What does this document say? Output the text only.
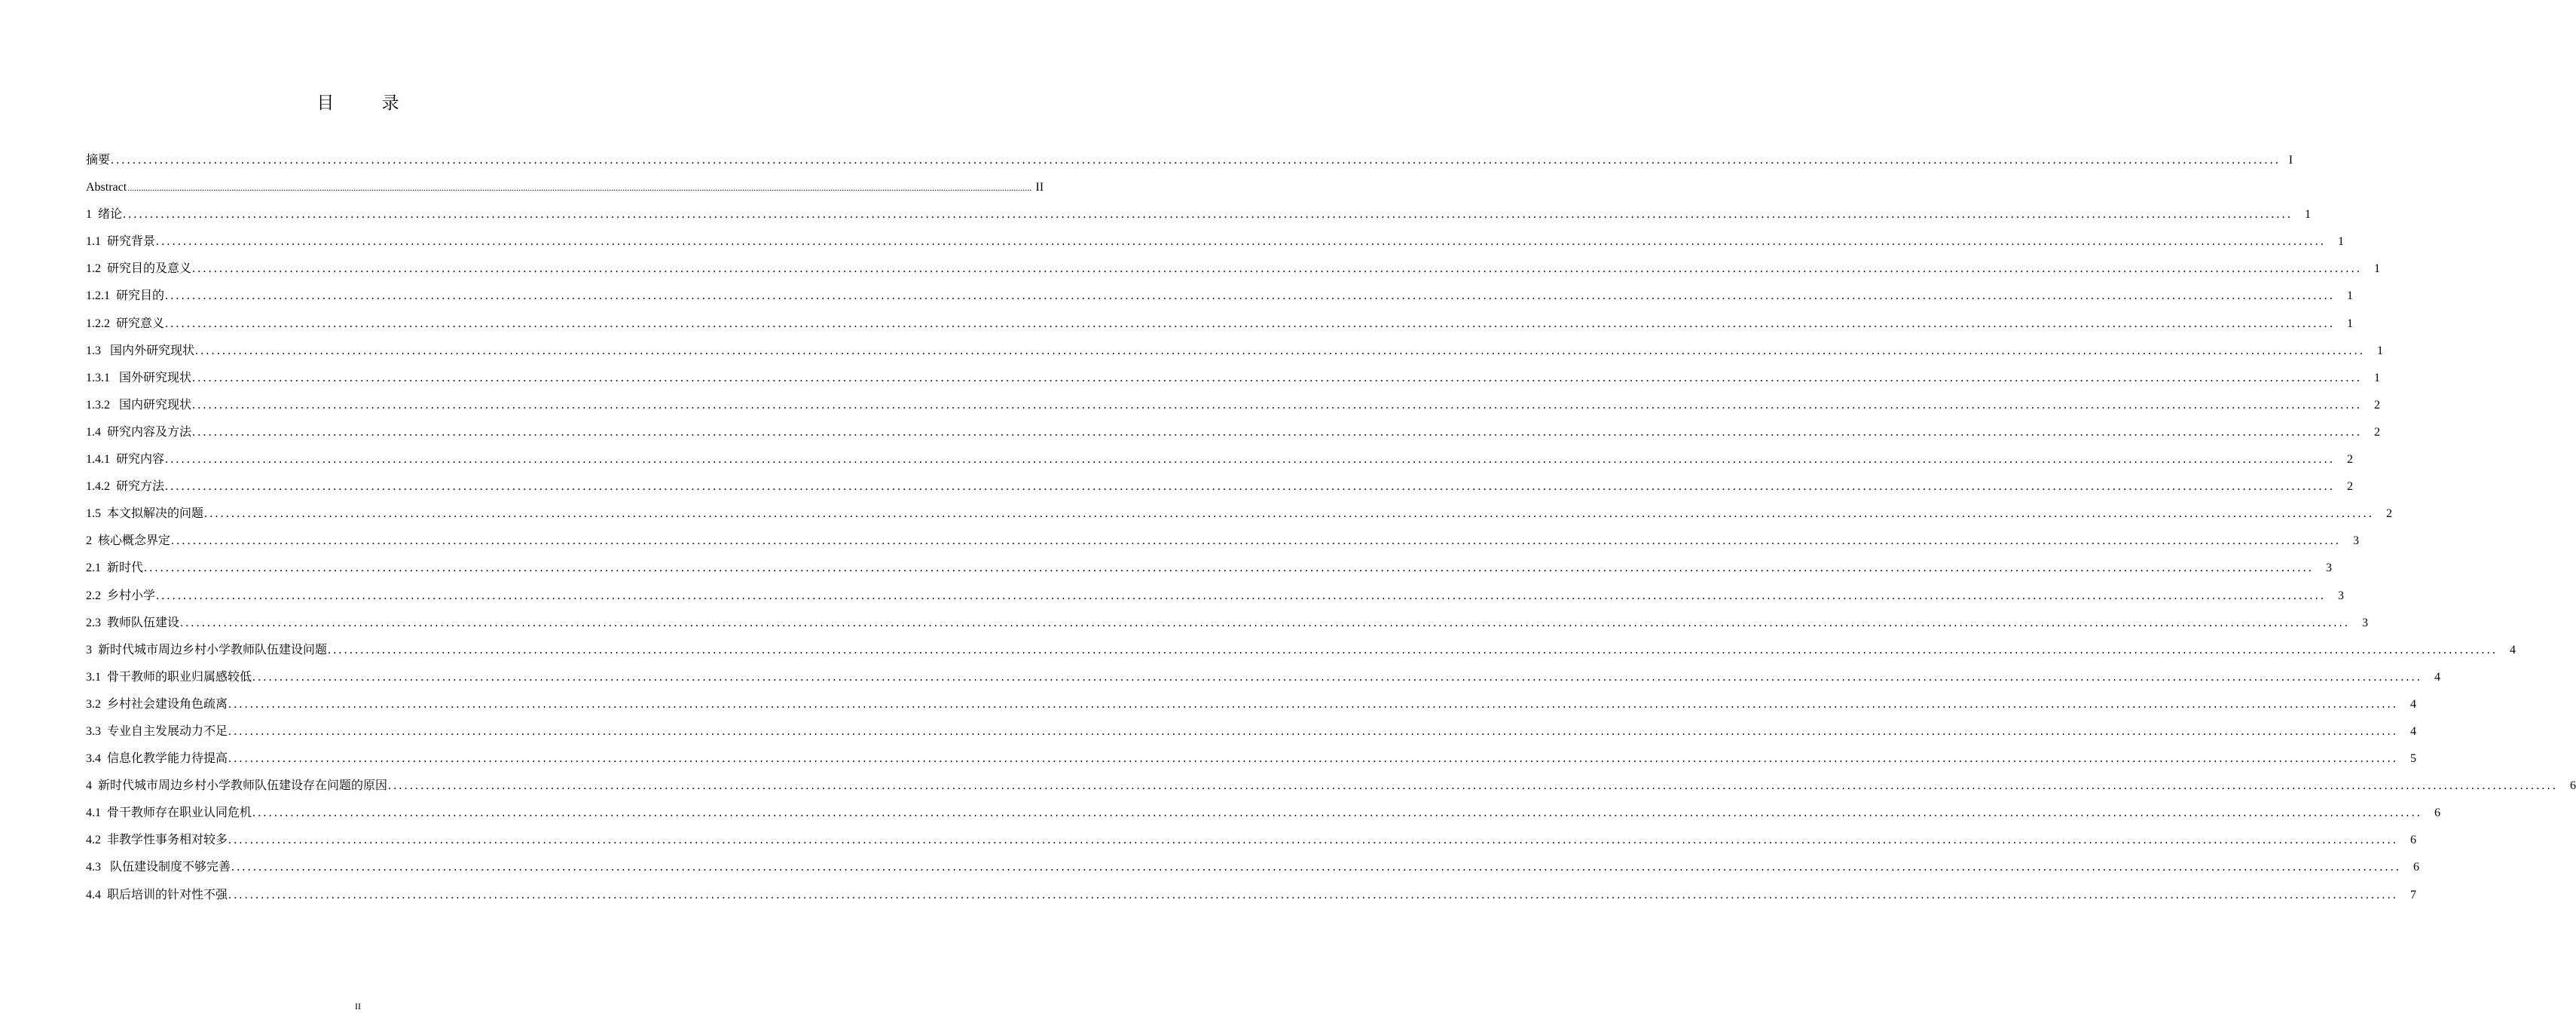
目 录
摘要 ................................................................................................................................................................................................................................................................................................................................................................................................................ I
Abstract ................................................................................................................................................................................................................................................................................................................................................................................................................ II
1  绪论 ................................................................................................................................................................................................................................................................................................................................................................................................................	1
1.1  研究背景 ................................................................................................................................................................................................................................................................................................................................................................................................................	1
1.2  研究目的及意义 ................................................................................................................................................................................................................................................................................................................................................................................................................	1
1.2.1  研究目的 ................................................................................................................................................................................................................................................................................................................................................................................................................	1
1.2.2  研究意义 ................................................................................................................................................................................................................................................................................................................................................................................................................	1
1.3   国内外研究现状 ................................................................................................................................................................................................................................................................................................................................................................................................................	1
1.3.1   国外研究现状 ................................................................................................................................................................................................................................................................................................................................................................................................................	1
1.3.2   国内研究现状 ................................................................................................................................................................................................................................................................................................................................................................................................................	2
1.4  研究内容及方法 ................................................................................................................................................................................................................................................................................................................................................................................................................	2
1.4.1  研究内容 ................................................................................................................................................................................................................................................................................................................................................................................................................	2
1.4.2  研究方法 ................................................................................................................................................................................................................................................................................................................................................................................................................	2
1.5  本文拟解决的问题 ................................................................................................................................................................................................................................................................................................................................................................................................................	2
2  核心概念界定 ................................................................................................................................................................................................................................................................................................................................................................................................................	3
2.1  新时代 ................................................................................................................................................................................................................................................................................................................................................................................................................	3
2.2  乡村小学 ................................................................................................................................................................................................................................................................................................................................................................................................................	3
2.3  教师队伍建设 ................................................................................................................................................................................................................................................................................................................................................................................................................	3
3  新时代城市周边乡村小学教师队伍建设问题 ................................................................................................................................................................................................................................................................................................................................................................................................................	4
3.1  骨干教师的职业归属感较低 ................................................................................................................................................................................................................................................................................................................................................................................................................	4
3.2  乡村社会建设角色疏离 ................................................................................................................................................................................................................................................................................................................................................................................................................	4
3.3  专业自主发展动力不足 ................................................................................................................................................................................................................................................................................................................................................................................................................	4
3.4  信息化教学能力待提高 ................................................................................................................................................................................................................................................................................................................................................................................................................	5
4  新时代城市周边乡村小学教师队伍建设存在问题的原因 ................................................................................................................................................................................................................................................................................................................................................................................................................	6
4.1  骨干教师存在职业认同危机 ................................................................................................................................................................................................................................................................................................................................................................................................................	6
4.2  非教学性事务相对较多 ................................................................................................................................................................................................................................................................................................................................................................................................................	6
4.3   队伍建设制度不够完善 ................................................................................................................................................................................................................................................................................................................................................................................................................	6
4.4  职后培训的针对性不强 ................................................................................................................................................................................................................................................................................................................................................................................................................	7
II
